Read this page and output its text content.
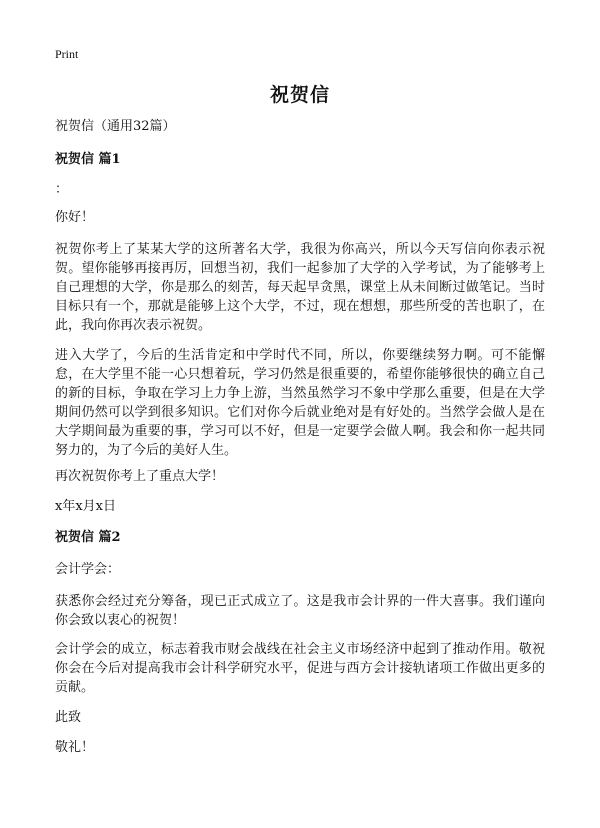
Print
祝贺信
祝贺信（通用32篇）
祝贺信 篇1
：
你好！
祝贺你考上了某某大学的这所著名大学，我很为你高兴，所以今天写信向你表示祝贺。望你能够再接再厉，回想当初，我们一起参加了大学的入学考试，为了能够考上自己理想的大学，你是那么的刻苦，每天起早贪黑，课堂上从未间断过做笔记。当时目标只有一个，那就是能够上这个大学，不过，现在想想，那些所受的苦也职了，在此，我向你再次表示祝贺。
进入大学了，今后的生活肯定和中学时代不同，所以，你要继续努力啊。可不能懈怠，在大学里不能一心只想着玩，学习仍然是很重要的，希望你能够很快的确立自己的新的目标，争取在学习上力争上游，当然虽然学习不象中学那么重要，但是在大学期间仍然可以学到很多知识。它们对你今后就业绝对是有好处的。当然学会做人是在大学期间最为重要的事，学习可以不好，但是一定要学会做人啊。我会和你一起共同努力的，为了今后的美好人生。
再次祝贺你考上了重点大学！
x年x月x日
祝贺信 篇2
会计学会：
获悉你会经过充分筹备，现已正式成立了。这是我市会计界的一件大喜事。我们谨向你会致以衷心的祝贺！
会计学会的成立，标志着我市财会战线在社会主义市场经济中起到了推动作用。敬祝你会在今后对提高我市会计科学研究水平，促进与西方会计接轨诸项工作做出更多的贡献。
此致
敬礼！
